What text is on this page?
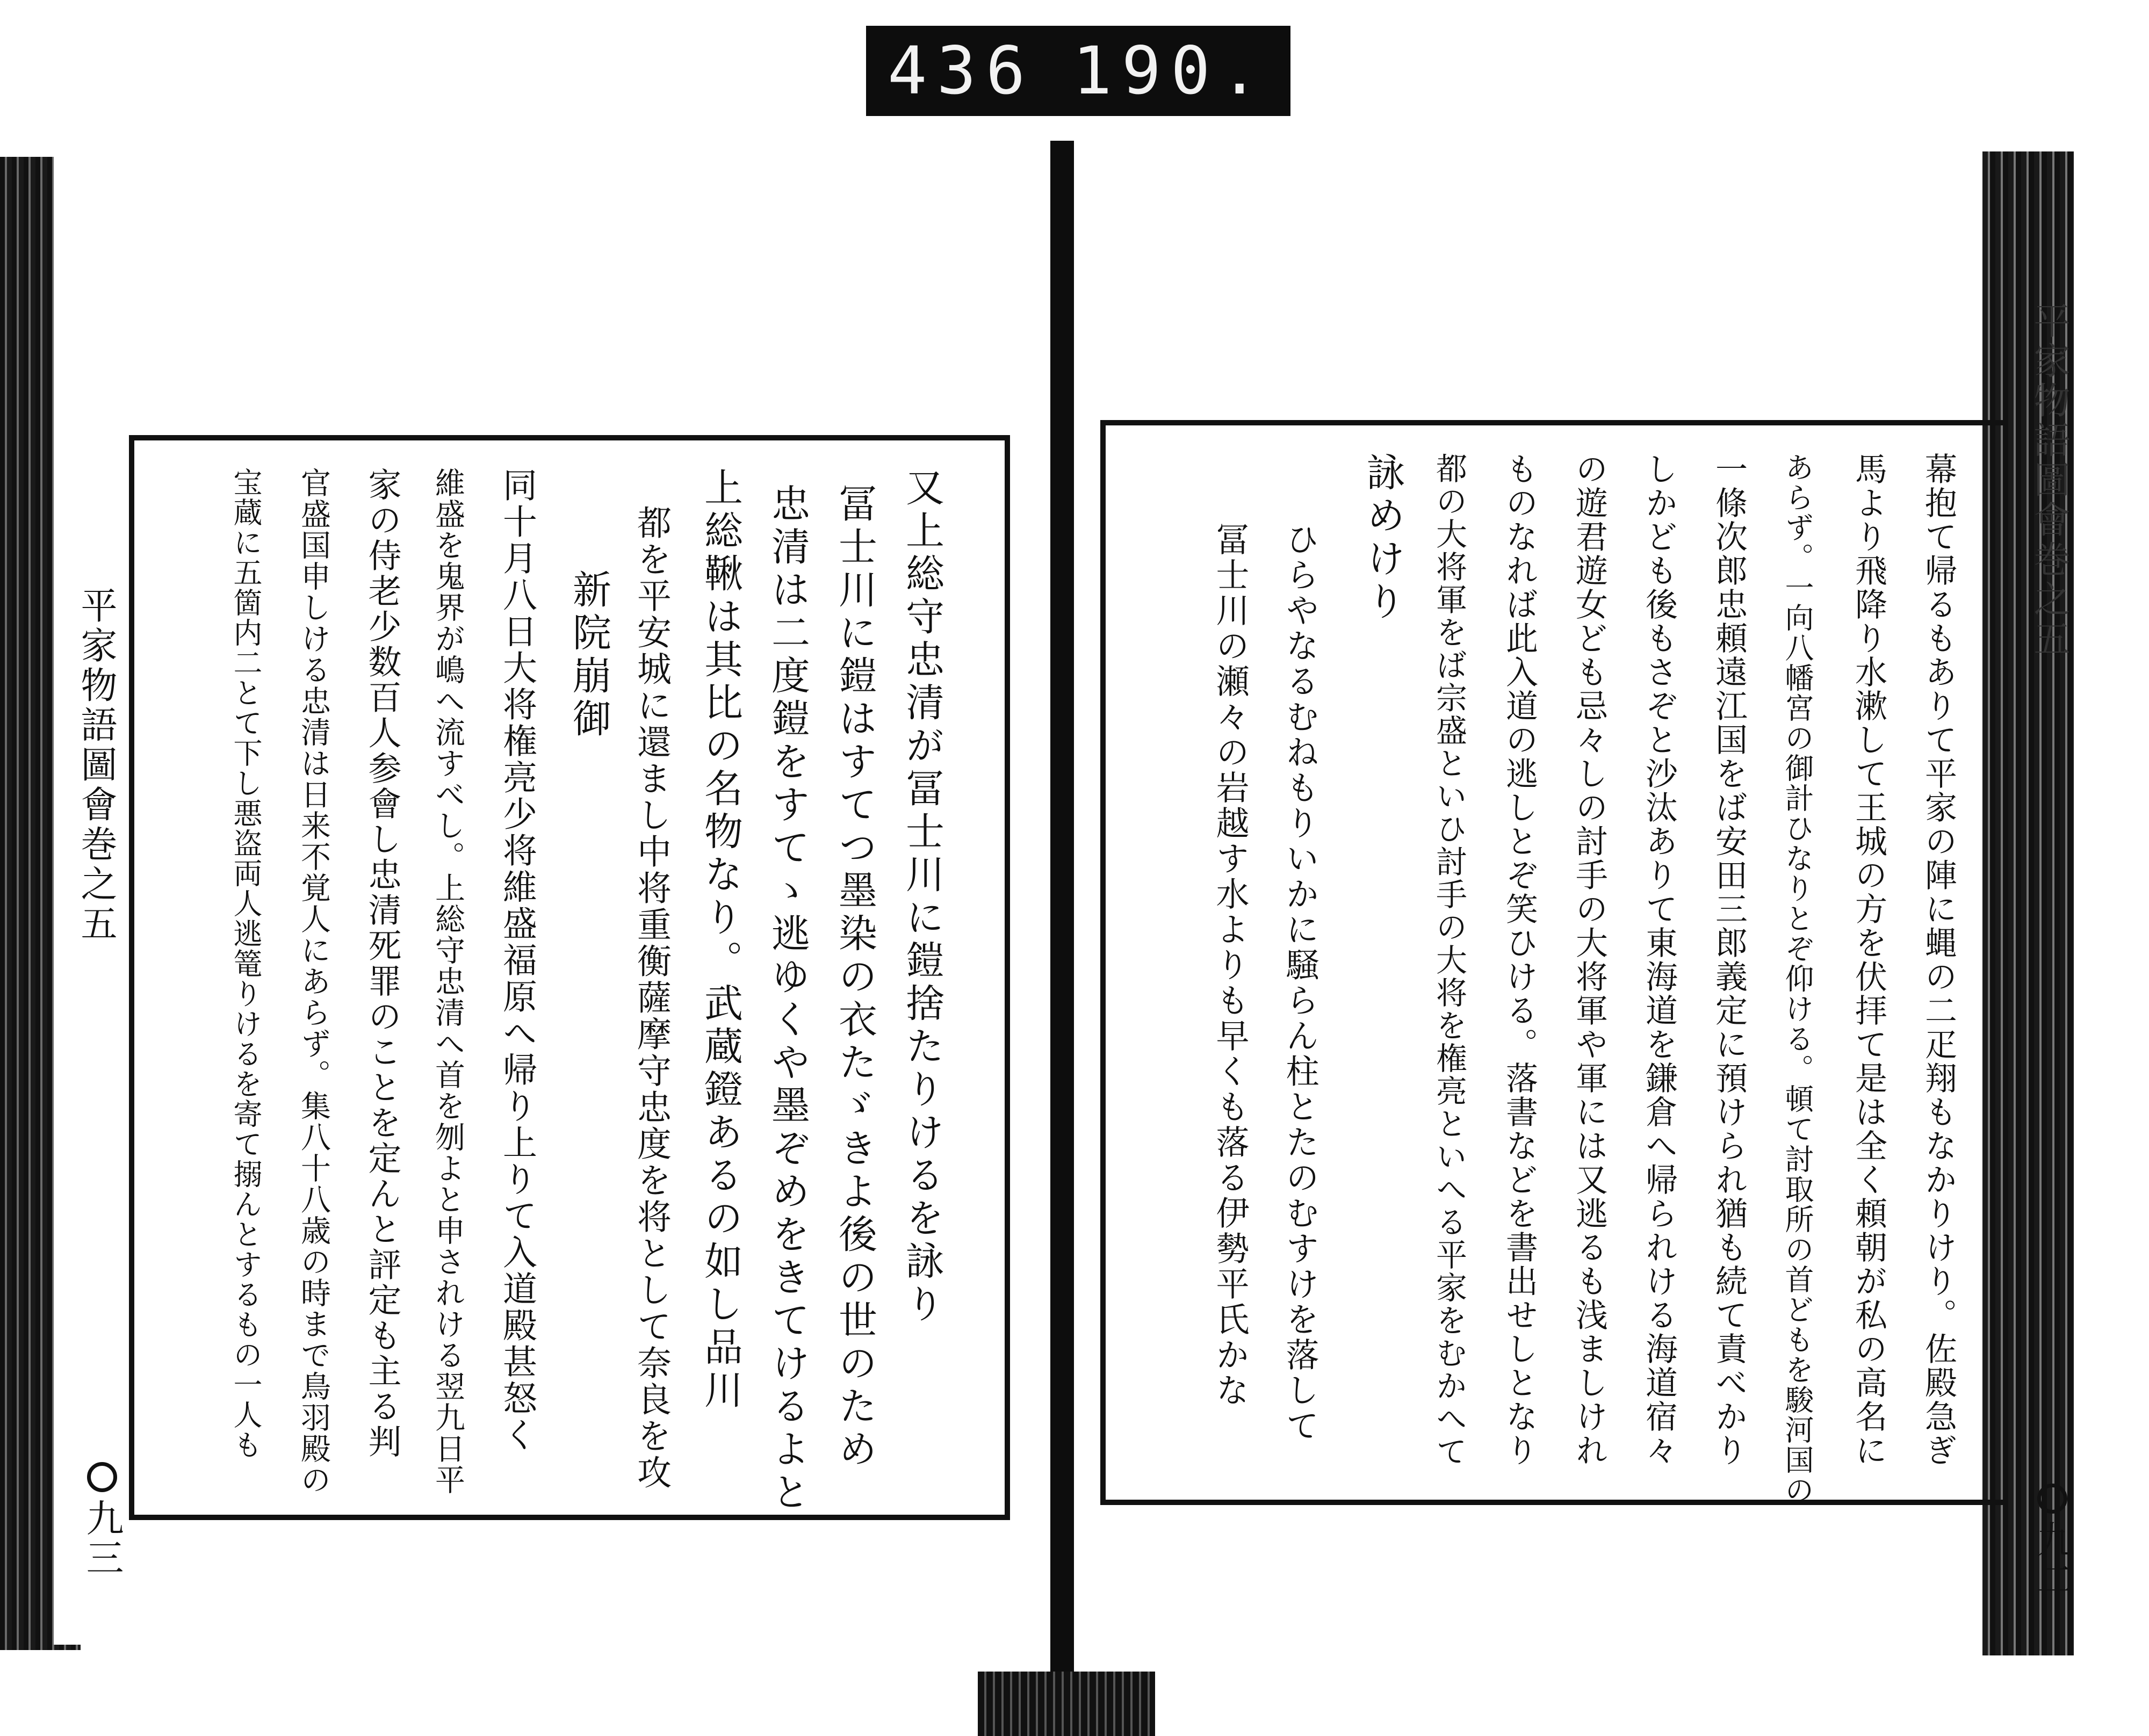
436 190.
平家物語圖會巻之五
九三
平家物語圖會巻之五
九二
又上総守忠清が冨士川に鎧捨たりけるを詠り
冨士川に鎧はすてつ墨染の衣たゞきよ後の世のため
忠清は二度鎧をすてゝ逃ゆくや墨ぞめをきてけるよと
上総鞦は其比の名物なり。武蔵鐙あるの如し品川
都を平安城に還まし中将重衡薩摩守忠度を将として奈良を攻
新院崩御
同十月八日大将権亮少将維盛福原へ帰り上りて入道殿甚怒く
維盛を鬼界が嶋へ流すべし。上総守忠清へ首を刎よと申されける翌九日平
家の侍老少数百人参會し忠清死罪のことを定んと評定も主る判
官盛国申しける忠清は日来不覚人にあらず。集八十八歳の時まで鳥羽殿の
宝蔵に五箇内二とて下し悪盗両人逃篭りけるを寄て搦んとするもの一人も	幕抱て帰るもありて平家の陣に蝿の二疋翔もなかりけり。佐殿急ぎ
馬より飛降り水漱して王城の方を伏拝て是は全く頼朝が私の高名に
あらず。一向八幡宮の御計ひなりとぞ仰ける。頓て討取所の首どもを駿河国の
一條次郎忠頼遠江国をば安田三郎義定に預けられ猶も続て責べかり
しかども後もさぞと沙汰ありて東海道を鎌倉へ帰られける海道宿々
の遊君遊女ども忌々しの討手の大将軍や軍には又逃るも浅ましけれ
ものなれば此入道の逃しとぞ笑ひける。落書などを書出せしとなり
都の大将軍をば宗盛といひ討手の大将を権亮といへる平家をむかへて
詠めけり
ひらやなるむねもりいかに騒らん柱とたのむすけを落して
冨士川の瀬々の岩越す水よりも早くも落る伊勢平氏かな
